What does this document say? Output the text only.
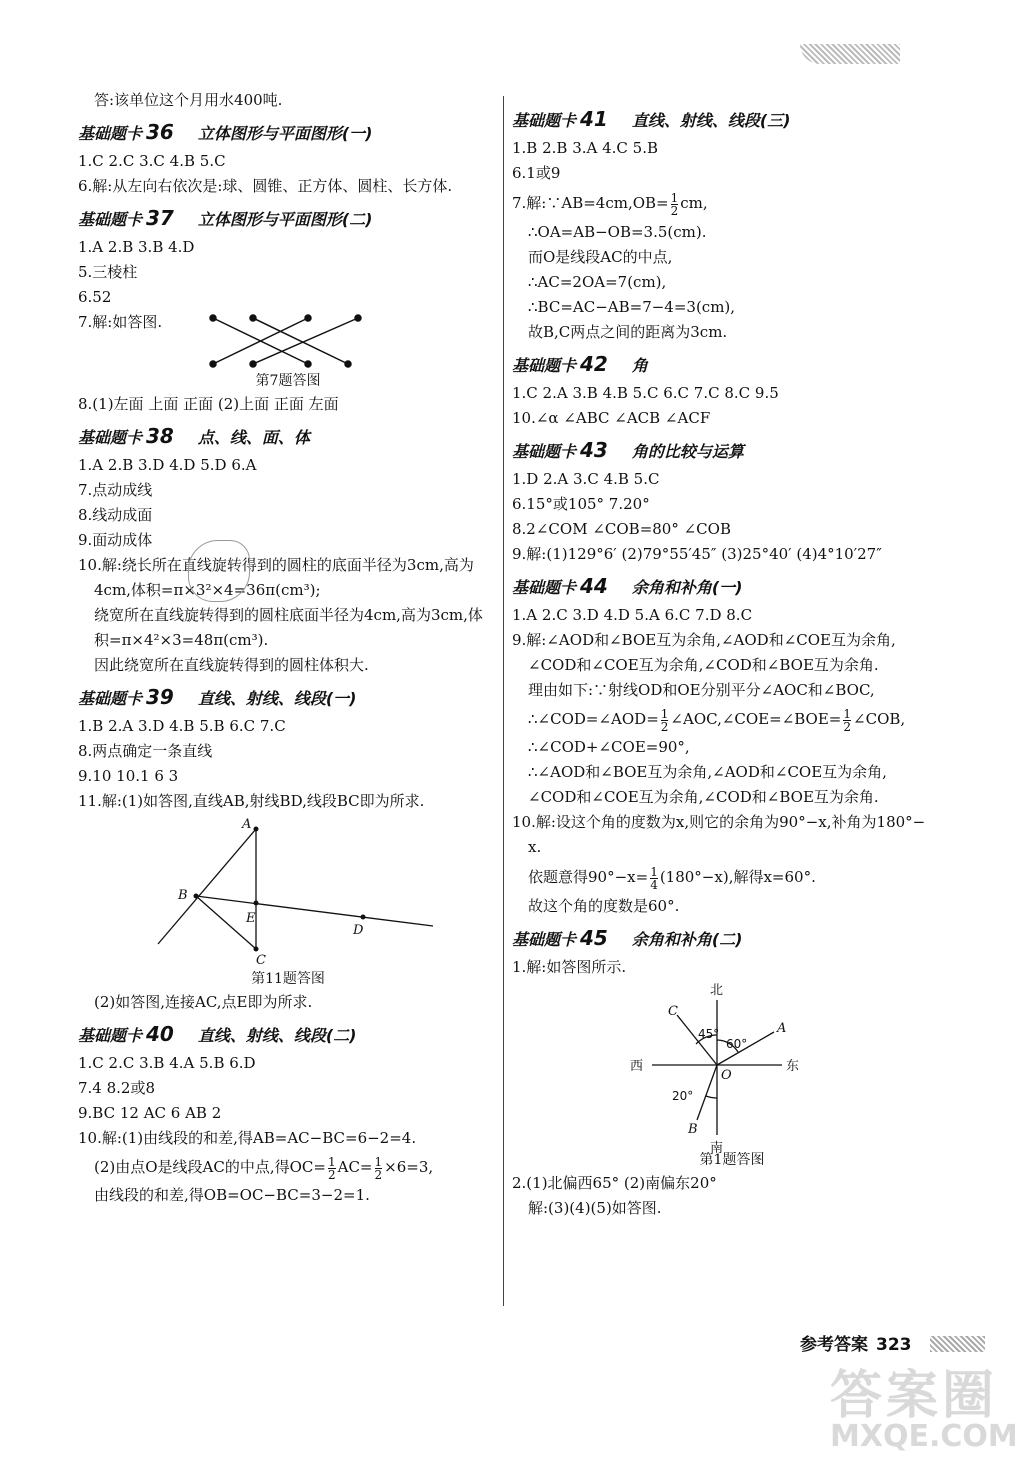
答:该单位这个月用水400吨.
基础题卡 36 立体图形与平面图形(一)
1.C 2.C 3.C 4.B 5.C
6.解:从左向右依次是:球、圆锥、正方体、圆柱、长方体.
基础题卡 37 立体图形与平面图形(二)
1.A 2.B 3.B 4.D
5.三棱柱
6.52
7.解:如答图.
第7题答图
8.(1)左面 上面 正面 (2)上面 正面 左面
基础题卡 38 点、线、面、体
1.A 2.B 3.D 4.D 5.D 6.A
7.点动成线
8.线动成面
9.面动成体
10.解:绕长所在直线旋转得到的圆柱的底面半径为3cm,高为
4cm,体积=π×3²×4=36π(cm³);
绕宽所在直线旋转得到的圆柱底面半径为4cm,高为3cm,体
积=π×4²×3=48π(cm³).
因此绕宽所在直线旋转得到的圆柱体积大.
基础题卡 39 直线、射线、线段(一)
1.B 2.A 3.D 4.B 5.B 6.C 7.C
8.两点确定一条直线
9.10 10.1 6 3
11.解:(1)如答图,直线AB,射线BD,线段BC即为所求.
A
B
C
D
E
第11题答图
(2)如答图,连接AC,点E即为所求.
基础题卡 40 直线、射线、线段(二)
1.C 2.C 3.B 4.A 5.B 6.D
7.4 8.2或8
9.BC 12 AC 6 AB 2
10.解:(1)由线段的和差,得AB=AC−BC=6−2=4.
(2)由点O是线段AC的中点,得$OC= \frac{1}{2} AC= \frac{1}{2} \times 6=3$,
由线段的和差,得OB=OC−BC=3−2=1.
基础题卡 41 直线、射线、线段(三)
1.B 2.B 3.A 4.C 5.B
6.1或9
7.解:∵AB=4cm,OB= $\frac{1}{2}$ cm,
∴OA=AB−OB=3.5(cm).
而O是线段AC的中点,
∴AC=2OA=7(cm),
∴BC=AC−AB=7−4=3(cm),
故B,C两点之间的距离为3cm.
基础题卡 42 角
1.C 2.A 3.B 4.B 5.C 6.C 7.C 8.C 9.5
10.∠α ∠ABC ∠ACB ∠ACF
基础题卡 43 角的比较与运算
1.D 2.A 3.C 4.B 5.C
6.15°或105° 7.20°
8.2∠COM ∠COB=80° ∠COB
9.解:(1)129°6′ (2)79°55′45″ (3)25°40′ (4)4°10′27″
基础题卡 44 余角和补角(一)
1.A 2.C 3.D 4.D 5.A 6.C 7.D 8.C
9.解:∠AOD和∠BOE互为余角,∠AOD和∠COE互为余角,
∠COD和∠COE互为余角,∠COD和∠BOE互为余角.
理由如下:∵射线OD和OE分别平分∠AOC和∠BOC,
∴∠COD=∠AOD= $\frac{1}{2}$ ∠AOC,∠COE=∠BOE= $\frac{1}{2}$ ∠COB,
∴∠COD+∠COE=90°,
∴∠AOD和∠BOE互为余角,∠AOD和∠COE互为余角,
∠COD和∠COE互为余角,∠COD和∠BOE互为余角.
10.解:设这个角的度数为x,则它的余角为90°−x,补角为180°−
x.
依题意得$90^\circ-x= \frac{1}{4} (180^\circ-x)$,解得x=60°.
故这个角的度数是60°.
基础题卡 45 余角和补角(二)
1.解:如答图所示.
北
南
西	东
20°
45°
60°
C
A
B
O
第1题答图
2.(1)北偏西65° (2)南偏东20°
解:(3)(4)(5)如答图.
参考答案 323
答案圈
MXQE.COM
